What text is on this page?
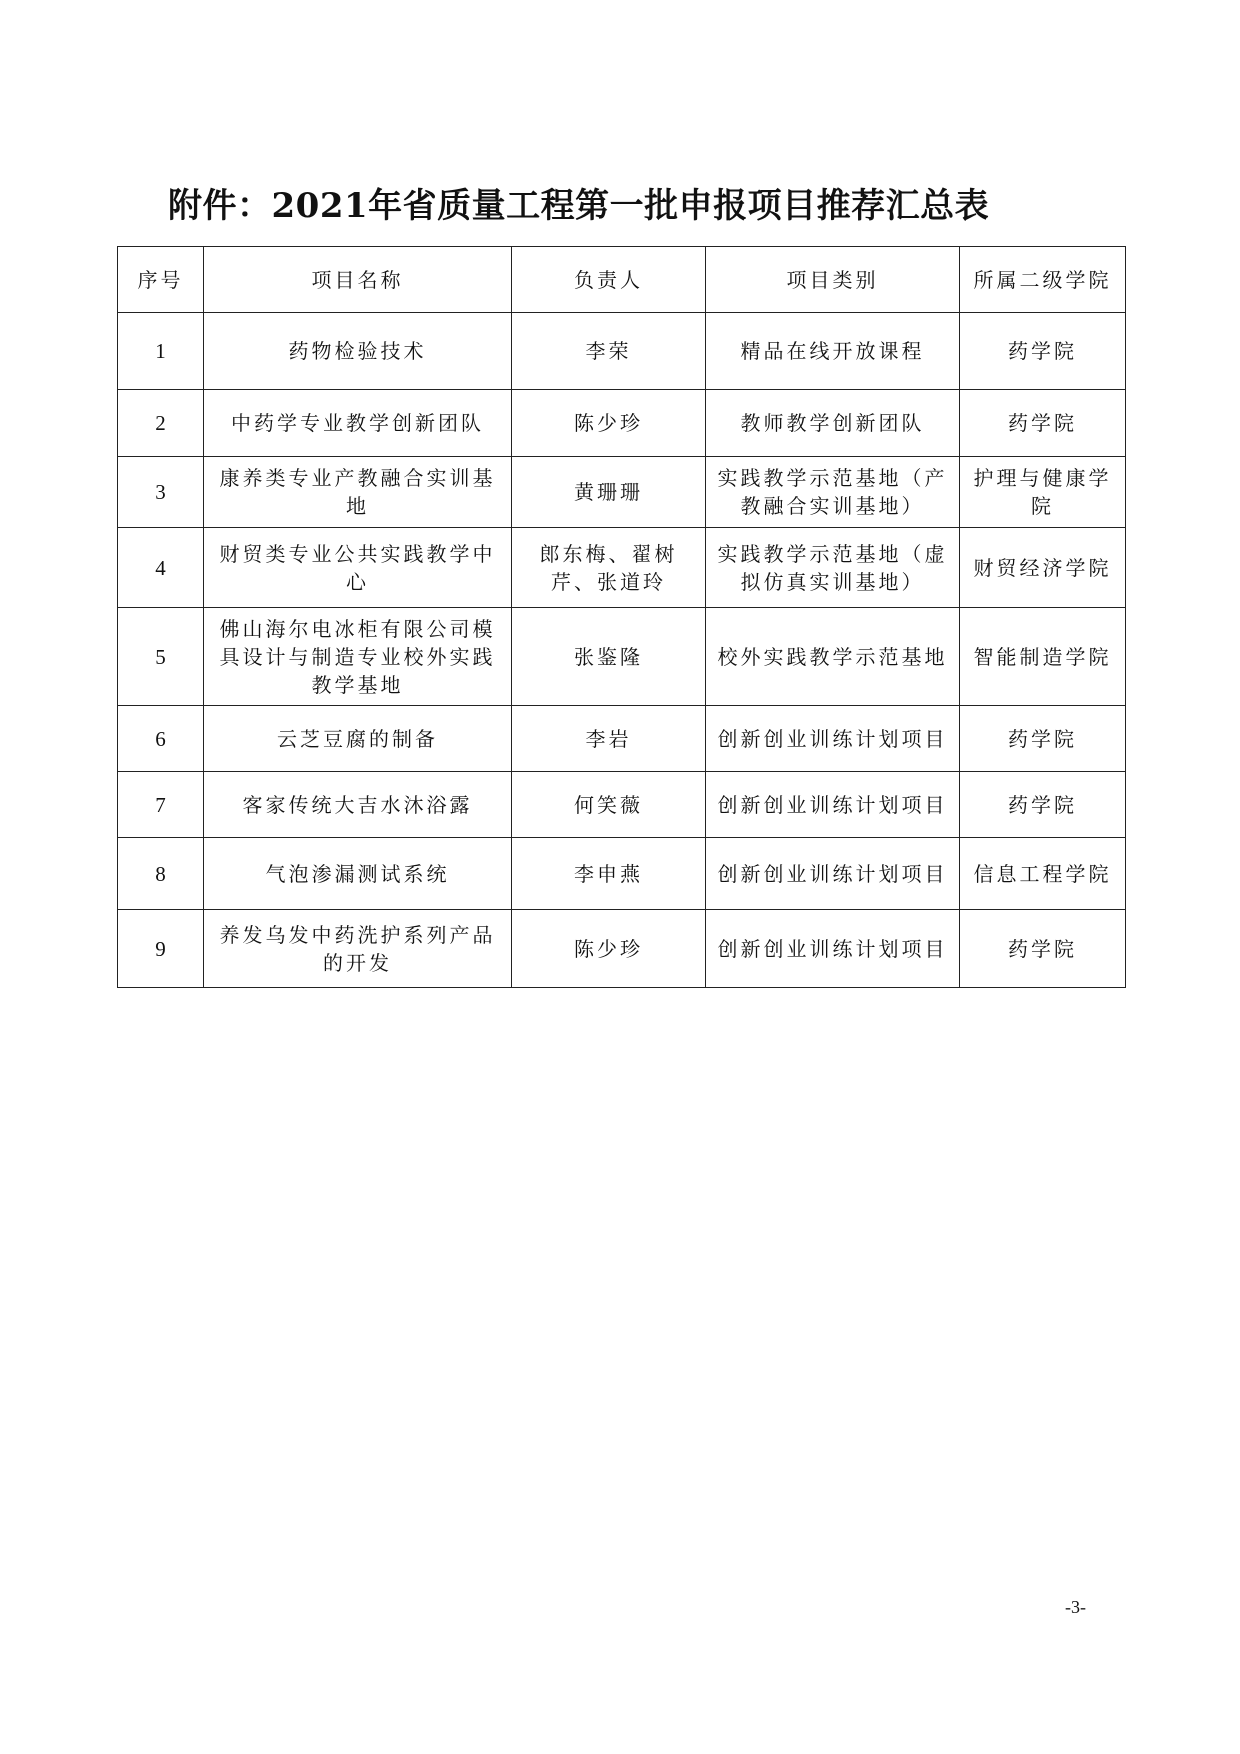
附件：2021年省质量工程第一批申报项目推荐汇总表
序号	项目名称	负责人	项目类别	所属二级学院
1	药物检验技术	李荣	精品在线开放课程	药学院
2	中药学专业教学创新团队	陈少珍	教师教学创新团队	药学院
3	康养类专业产教融合实训基地	黄珊珊	实践教学示范基地（产教融合实训基地）	护理与健康学院
4	财贸类专业公共实践教学中心	郎东梅、翟树芹、张道玲	实践教学示范基地（虚拟仿真实训基地）	财贸经济学院
5	佛山海尔电冰柜有限公司模具设计与制造专业校外实践教学基地	张鉴隆	校外实践教学示范基地	智能制造学院
6	云芝豆腐的制备	李岩	创新创业训练计划项目	药学院
7	客家传统大吉水沐浴露	何笑薇	创新创业训练计划项目	药学院
8	气泡渗漏测试系统	李申燕	创新创业训练计划项目	信息工程学院
9	养发乌发中药洗护系列产品的开发	陈少珍	创新创业训练计划项目	药学院
-3-
